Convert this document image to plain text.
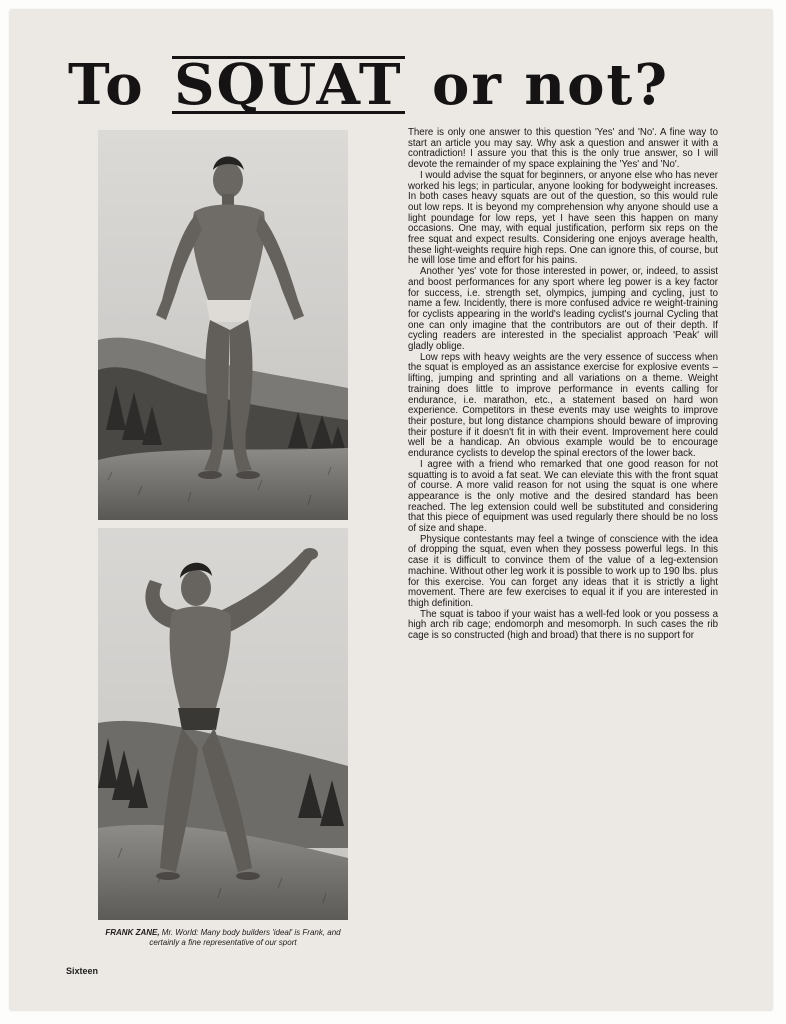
To SQUAT or not?
FRANK ZANE, Mr. World: Many body builders 'ideal' is Frank, and certainly a fine representative of our sport
Sixteen

There is only one answer to this question 'Yes' and 'No'. A fine way to start an article you may say. Why ask a question and answer it with a contradiction! I assure you that this is the only true answer, so I will devote the remainder of my space explaining the 'Yes' and 'No'.

I would advise the squat for beginners, or anyone else who has never worked his legs; in particular, anyone looking for bodyweight increases. In both cases heavy squats are out of the question, so this would rule out low reps. It is beyond my comprehension why anyone should use a light poundage for low reps, yet I have seen this happen on many occasions. One may, with equal justification, perform six reps on the free squat and expect results. Considering one enjoys average health, these light-weights require high reps. One can ignore this, of course, but he will lose time and effort for his pains.

Another 'yes' vote for those interested in power, or, indeed, to assist and boost performances for any sport where leg power is a key factor for success, i.e. strength set, olympics, jumping and cycling, just to name a few. Incidently, there is more confused advice re weight-training for cyclists appearing in the world's leading cyclist's journal Cycling that one can only imagine that the contributors are out of their depth. If cycling readers are interested in the specialist approach 'Peak' will gladly oblige.

Low reps with heavy weights are the very essence of success when the squat is employed as an assistance exercise for explosive events – lifting, jumping and sprinting and all variations on a theme. Weight training does little to improve performance in events calling for endurance, i.e. marathon, etc., a statement based on hard won experience. Competitors in these events may use weights to improve their posture, but long distance champions should beware of improving their posture if it doesn't fit in with their event. Improvement here could well be a handicap. An obvious example would be to encourage endurance cyclists to develop the spinal erectors of the lower back.

I agree with a friend who remarked that one good reason for not squatting is to avoid a fat seat. We can eleviate this with the front squat of course. A more valid reason for not using the squat is one where appearance is the only motive and the desired standard has been reached. The leg extension could well be substituted and considering that this piece of equipment was used regularly there should be no loss of size and shape.

Physique contestants may feel a twinge of conscience with the idea of dropping the squat, even when they possess powerful legs. In this case it is difficult to convince them of the value of a leg-extension machine. Without other leg work it is possible to work up to 190 lbs. plus for this exercise. You can forget any ideas that it is strictly a light movement. There are few exercises to equal it if you are interested in thigh definition.

The squat is taboo if your waist has a well-fed look or you possess a high arch rib cage; endomorph and mesomorph. In such cases the rib cage is so constructed (high and broad) that there is no support for
